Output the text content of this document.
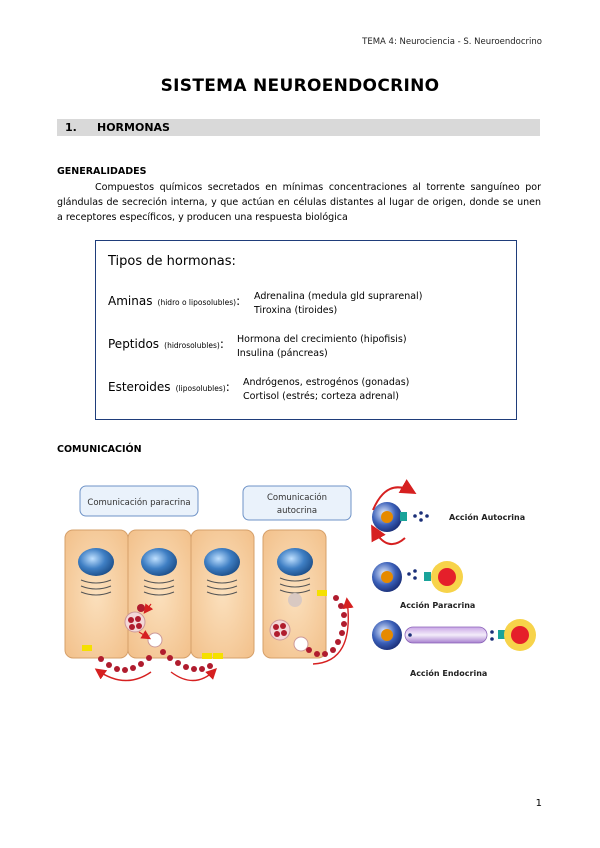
TEMA 4: Neurociencia - S. Neuroendocrino
SISTEMA NEUROENDOCRINO
1. HORMONAS
GENERALIDADES
Compuestos químicos secretados en mínimas concentraciones al torrente sanguíneo por glándulas de secreción interna, y que actúan en células distantes al lugar de origen, donde se unen a receptores específicos, y producen una respuesta biológica
Tipos de hormonas:
Aminas (hidro o liposolubles): Adrenalina (medula gld suprarenal)
Tiroxina (tiroides)
Peptidos (hidrosolubles): Hormona del crecimiento (hipofisis)
Insulina (páncreas)
Esteroides (liposolubles): Andrógenos, estrogénos (gonadas)
Cortisol (estrés; corteza adrenal)
COMUNICACIÓN
Comunicación paracrina	Comunicación
autocrina
Acción Autocrina
Acción Paracrina
Acción Endocrina
1
